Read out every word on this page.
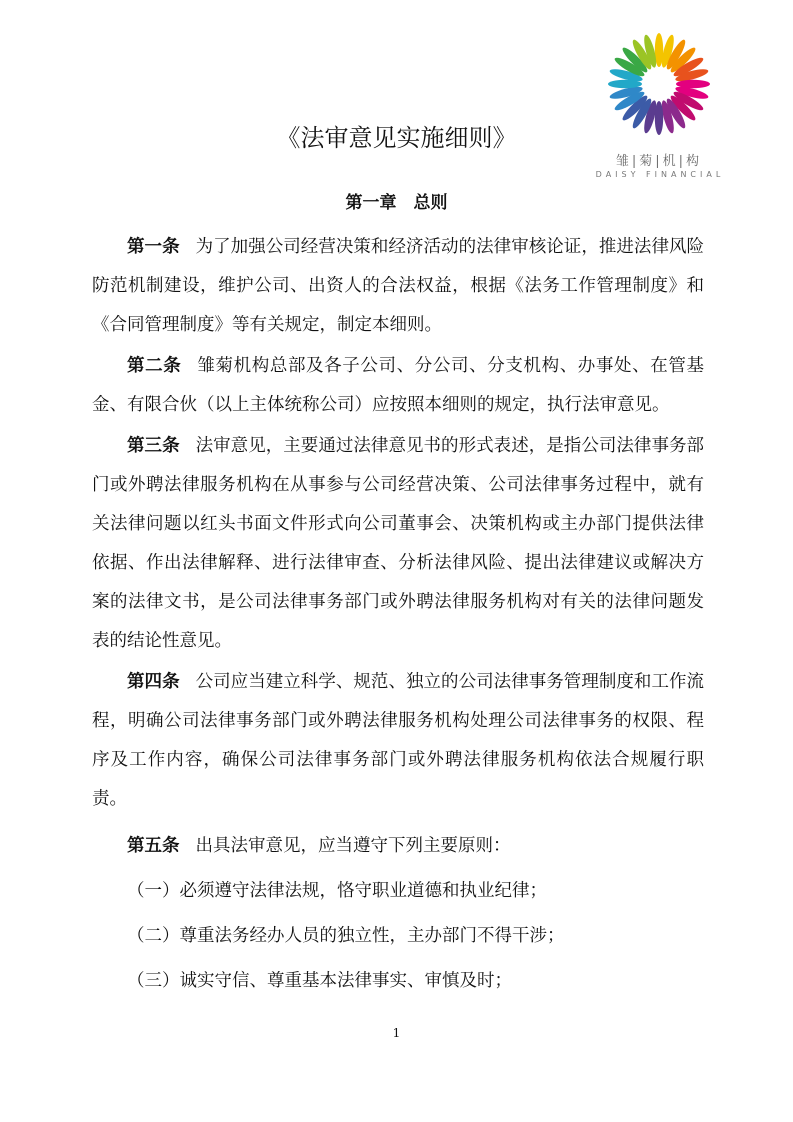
雏|菊|机|构
DAISY FINANCIAL
《法审意见实施细则》
第一章　总则

第一条 为了加强公司经营决策和经济活动的法律审核论证，推进法律风险防范机制建设，维护公司、出资人的合法权益，根据《法务工作管理制度》和《合同管理制度》等有关规定，制定本细则。

第二条 雏菊机构总部及各子公司、分公司、分支机构、办事处、在管基金、有限合伙（以上主体统称公司）应按照本细则的规定，执行法审意见。

第三条 法审意见，主要通过法律意见书的形式表述，是指公司法律事务部门或外聘法律服务机构在从事参与公司经营决策、公司法律事务过程中，就有关法律问题以红头书面文件形式向公司董事会、决策机构或主办部门提供法律依据、作出法律解释、进行法律审查、分析法律风险、提出法律建议或解决方案的法律文书，是公司法律事务部门或外聘法律服务机构对有关的法律问题发表的结论性意见。

第四条 公司应当建立科学、规范、独立的公司法律事务管理制度和工作流程，明确公司法律事务部门或外聘法律服务机构处理公司法律事务的权限、程序及工作内容，确保公司法律事务部门或外聘法律服务机构依法合规履行职责。

第五条 出具法审意见，应当遵守下列主要原则：

（一）必须遵守法律法规，恪守职业道德和执业纪律；

（二）尊重法务经办人员的独立性，主办部门不得干涉；

（三）诚实守信、尊重基本法律事实、审慎及时；

1
